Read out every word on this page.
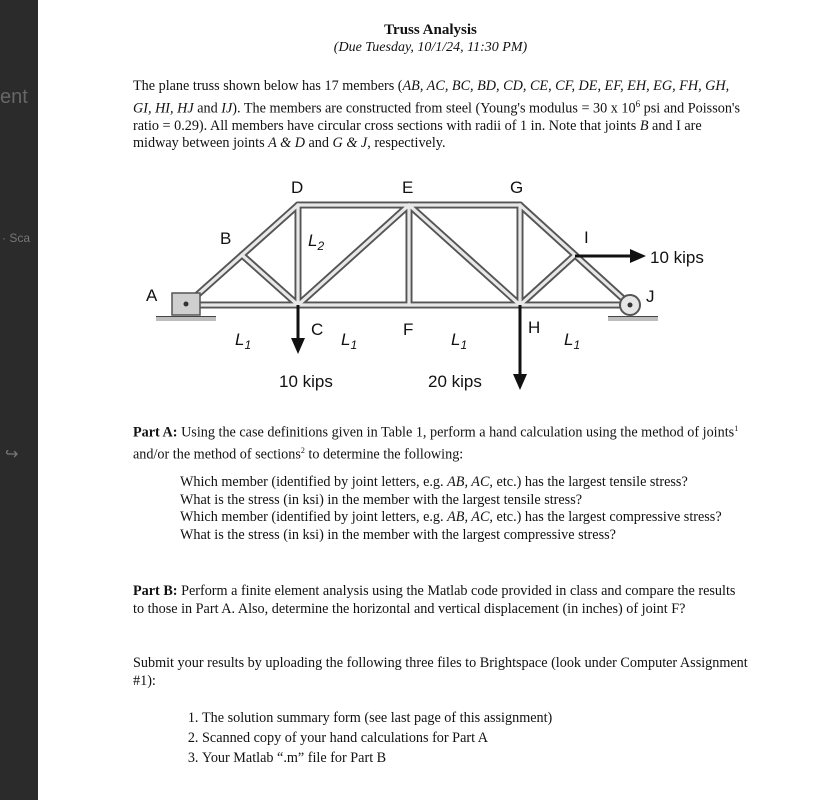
ent
· Sca
↪
Truss Analysis
(Due Tuesday, 10/1/24, 11:30 PM)
The plane truss shown below has 17 members (AB, AC, BC, BD, CD, CE, CF, DE, EF, EH, EG, FH, GH, GI, HI, HJ and IJ). The members are constructed from steel (Young's modulus = 30 x $10^6$ psi and Poisson's ratio = 0.29). All members have circular cross sections with radii of 1 in. Note that joints B and I are midway between joints A & D and G & J, respectively.
A
B
C
D	E
F
G
H
I
J
$L_1$	$L_1$	$L_1$	$L_1$
$L_2$
10 kips	20 kips
10 kips
Part A: Using the case definitions given in Table 1, perform a hand calculation using the method of joints$^1$ and/or the method of sections$^2$ to determine the following:
Which member (identified by joint letters, e.g. AB, AC, etc.) has the largest tensile stress?
What is the stress (in ksi) in the member with the largest tensile stress?
Which member (identified by joint letters, e.g. AB, AC, etc.) has the largest compressive stress?
What is the stress (in ksi) in the member with the largest compressive stress?
Part B: Perform a finite element analysis using the Matlab code provided in class and compare the results to those in Part A. Also, determine the horizontal and vertical displacement (in inches) of joint F?
Submit your results by uploading the following three files to Brightspace (look under Computer Assignment #1):
1. The solution summary form (see last page of this assignment)
2. Scanned copy of your hand calculations for Part A
3. Your Matlab “.m” file for Part B
